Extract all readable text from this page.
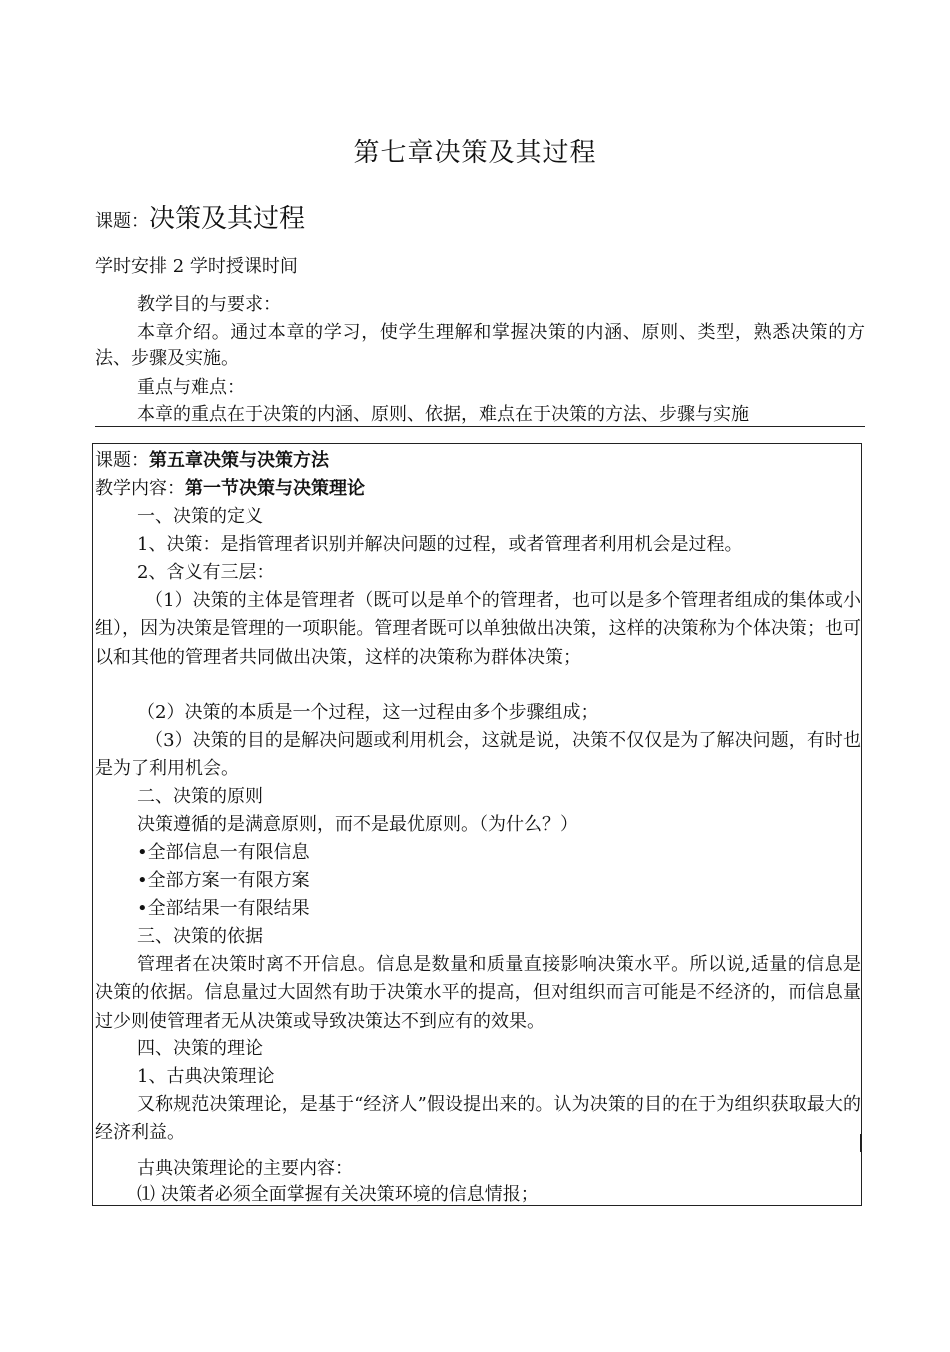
第七章决策及其过程
课题：决策及其过程
学时安排 2 学时授课时间
教学目的与要求：
本章介绍。通过本章的学习，使学生理解和掌握决策的内涵、原则、类型，熟悉决策的方法、步骤及实施。
重点与难点：
本章的重点在于决策的内涵、原则、依据，难点在于决策的方法、步骤与实施
课题：第五章决策与决策方法
教学内容：第一节决策与决策理论
一、决策的定义
1、决策：是指管理者识别并解决问题的过程，或者管理者利用机会是过程。
2、含义有三层：
（1）决策的主体是管理者（既可以是单个的管理者，也可以是多个管理者组成的集体或小组），因为决策是管理的一项职能。管理者既可以单独做出决策，这样的决策称为个体决策；也可以和其他的管理者共同做出决策，这样的决策称为群体决策；
（2）决策的本质是一个过程，这一过程由多个步骤组成；
（3）决策的目的是解决问题或利用机会，这就是说，决策不仅仅是为了解决问题，有时也是为了利用机会。
二、决策的原则
决策遵循的是满意原则，而不是最优原则。（为什么？）
•全部信息一有限信息
•全部方案一有限方案
•全部结果一有限结果
三、决策的依据
管理者在决策时离不开信息。信息是数量和质量直接影响决策水平。所以说,适量的信息是决策的依据。信息量过大固然有助于决策水平的提高，但对组织而言可能是不经济的，而信息量过少则使管理者无从决策或导致决策达不到应有的效果。
四、决策的理论
1、古典决策理论
又称规范决策理论，是基于“经济人”假设提出来的。认为决策的目的在于为组织获取最大的经济利益。
古典决策理论的主要内容：
⑴ 决策者必须全面掌握有关决策环境的信息情报；
